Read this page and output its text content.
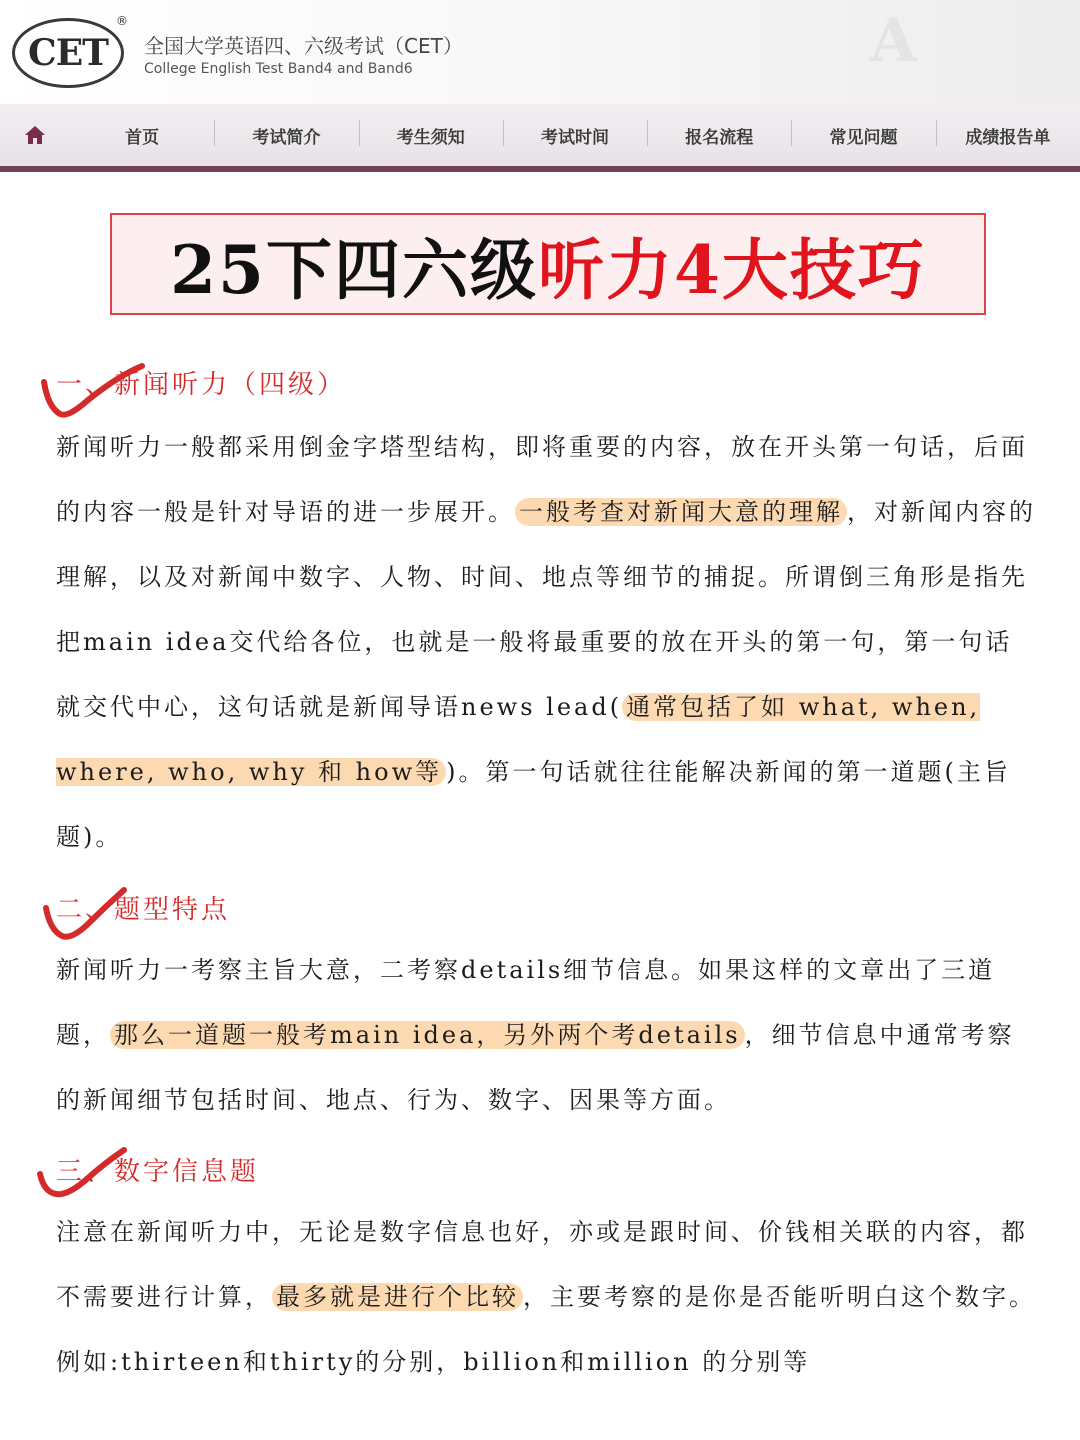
CET
®
全国大学英语四、六级考试（CET）
College English Test Band4 and Band6	A
首页	考试简介	考生须知	考试时间	报名流程	常见问题	成绩报告单
25下四六级 听力4大技巧
一、新闻听力（四级）
新闻听力一般都采用倒金字塔型结构，即将重要的内容，放在开头第一句话，后面的内容一般是针对导语的进一步展开。 一般考查对新闻大意的理解 ，对新闻内容的理解，以及对新闻中数字、人物、时间、地点等细节的捕捉。所谓倒三角形是指先把main idea交代给各位，也就是一般将最重要的放在开头的第一句，第一句话就交代中心，这句话就是新闻导语news lead( 通常包括了如 what, when, where, who, why 和 how等 )。第一句话就往往能解决新闻的第一道题(主旨题)。
二、题型特点
新闻听力一考察主旨大意，二考察details细节信息。如果这样的文章出了三道题， 那么一道题一般考main idea，另外两个考details ，细节信息中通常考察的新闻细节包括时间、地点、行为、数字、因果等方面。
三、数字信息题
注意在新闻听力中，无论是数字信息也好，亦或是跟时间、价钱相关联的内容，都不需要进行计算， 最多就是进行个比较 ，主要考察的是你是否能听明白这个数字。例如:thirteen和thirty的分别，billion和million 的分别等
